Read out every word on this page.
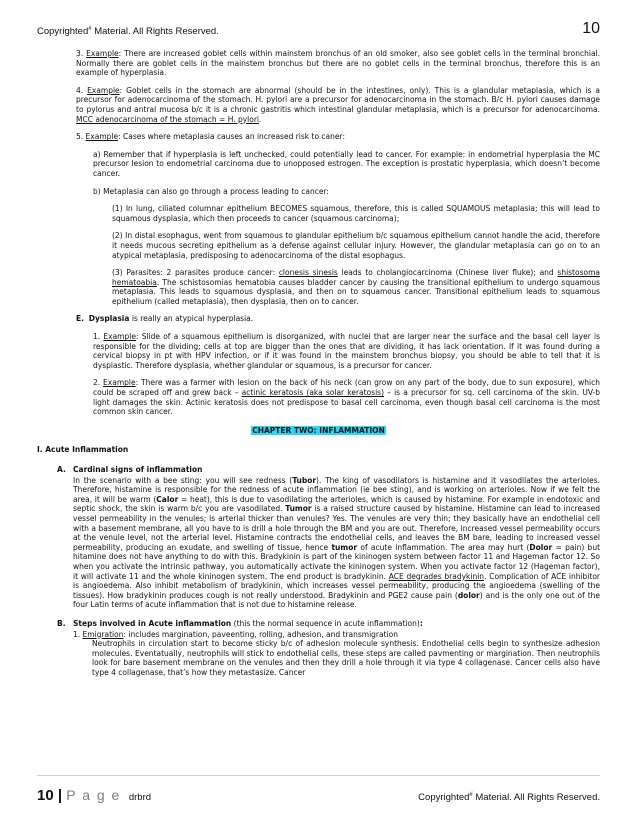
Copyrighted# Material. All Rights Reserved.	10

3. Example: There are increased goblet cells within mainstem bronchus of an old smoker, also see goblet cells in the terminal bronchial. Normally there are goblet cells in the mainstem bronchus but there are no goblet cells in the terminal bronchus, therefore this is an example of hyperplasia.

4. Example: Goblet cells in the stomach are abnormal (should be in the intestines, only). This is a glandular metaplasia, which is a precursor for adenocarcinoma of the stomach. H. pylori are a precursor for adenocarcinoma in the stomach. B/c H. pylori causes damage to pylorus and antral mucosa b/c it is a chronic gastritis which intestinal glandular metaplasia, which is a precursor for adenocarcinoma. MCC adenocarcinoma of the stomach = H. pylori.

5. Example: Cases where metaplasia causes an increased risk to caner:

a) Remember that if hyperplasia is left unchecked, could potentially lead to cancer. For example: in endometrial hyperplasia the MC precursor lesion to endometrial carcinoma due to unopposed estrogen. The exception is prostatic hyperplasia, which doesn’t become cancer.

b) Metaplasia can also go through a process leading to cancer:

(1) In lung, ciliated columnar epithelium BECOMES squamous, therefore, this is called SQUAMOUS metaplasia; this will lead to squamous dysplasia, which then proceeds to cancer (squamous carcinoma);

(2) In distal esophagus, went from squamous to glandular epithelium b/c squamous epithelium cannot handle the acid, therefore it needs mucous secreting epithelium as a defense against cellular injury. However, the glandular metaplasia can go on to an atypical metaplasia, predisposing to adenocarcinoma of the distal esophagus.

(3) Parasites: 2 parasites produce cancer: clonesis sinesis leads to cholangiocarcinoma (Chinese liver fluke); and shistosoma hematoabia. The schistosomias hematobia causes bladder cancer by causing the transitional epithelium to undergo squamous metaplasia. This leads to squamous dysplasia, and then on to squamous cancer. Transitional epithelium leads to squamous epithelium (called metaplasia), then dysplasia, then on to cancer.

E. Dysplasia is really an atypical hyperplasia.

1. Example: Slide of a squamous epithelium is disorganized, with nuclei that are larger near the surface and the basal cell layer is responsible for the dividing; cells at top are bigger than the ones that are dividing, it has lack orientation. If it was found during a cervical biopsy in pt with HPV infection, or if it was found in the mainstem bronchus biopsy, you should be able to tell that it is dysplastic. Therefore dysplasia, whether glandular or squamous, is a precursor for cancer.

2. Example: There was a farmer with lesion on the back of his neck (can grow on any part of the body, due to sun exposure), which could be scraped off and grew back – actinic keratosis (aka solar keratosis) – is a precursor for sq. cell carcinoma of the skin. UV-b light damages the skin. Actinic keratosis does not predispose to basal cell carcinoma, even though basal cell carcinoma is the most common skin cancer.

CHAPTER TWO: INFLAMMATION

I. Acute Inflammation

A. Cardinal signs of inflammation

In the scenario with a bee sting: you will see redness (Tubor). The king of vasodilators is histamine and it vasodilates the arterioles. Therefore, histamine is responsible for the redness of acute inflammation (ie bee sting), and is working on arterioles. Now if we felt the area, it will be warm (Calor = heat), this is due to vasodilating the arterioles, which is caused by histamine. For example in endotoxic and septic shock, the skin is warm b/c you are vasodilated. Tumor is a raised structure caused by histamine. Histamine can lead to increased vessel permeability in the venules; is arterial thicker than venules? Yes. The venules are very thin; they basically have an endothelial cell with a basement membrane, all you have to is drill a hole through the BM and you are out. Therefore, increased vessel permeability occurs at the venule level, not the arterial level. Histamine contracts the endothelial cells, and leaves the BM bare, leading to increased vessel permeability, producing an exudate, and swelling of tissue, hence tumor of acute inflammation. The area may hurt (Dolor = pain) but hitamine does not have anything to do with this. Bradykinin is part of the kininogen system between factor 11 and Hageman factor 12. So when you activate the intrinsic pathway, you automatically activate the kininogen system. When you activate factor 12 (Hageman factor), it will activate 11 and the whole kininogen system. The end product is bradykinin. ACE degrades bradykinin. Complication of ACE inhibitor is angioedema. Also inhibit metabolism of bradykinin, which increases vessel permeability, producing the angioedema (swelling of the tissues). How bradykinin produces cough is not really understood. Bradykinin and PGE2 cause pain (dolor) and is the only one out of the four Latin terms of acute inflammation that is not due to histamine release.

B. Steps involved in Acute inflammation (this the normal sequence in acute inflammation):

1. Emigration: includes margination, paveenting, rolling, adhesion, and transmigration

Neutrophils in circulation start to become sticky b/c of adhesion molecule synthesis. Endothelial cells begin to synthesize adhesion molecules. Eventatually, neutrophils will stick to endothelial cells, these steps are called pavmenting or margination. Then neutrophils look for bare basement membrane on the venules and then they drill a hole through it via type 4 collagenase. Cancer cells also have type 4 collagenase, that’s how they metastasize. Cancer

10 | P a g e drbrd	Copyrighted# Material. All Rights Reserved.
